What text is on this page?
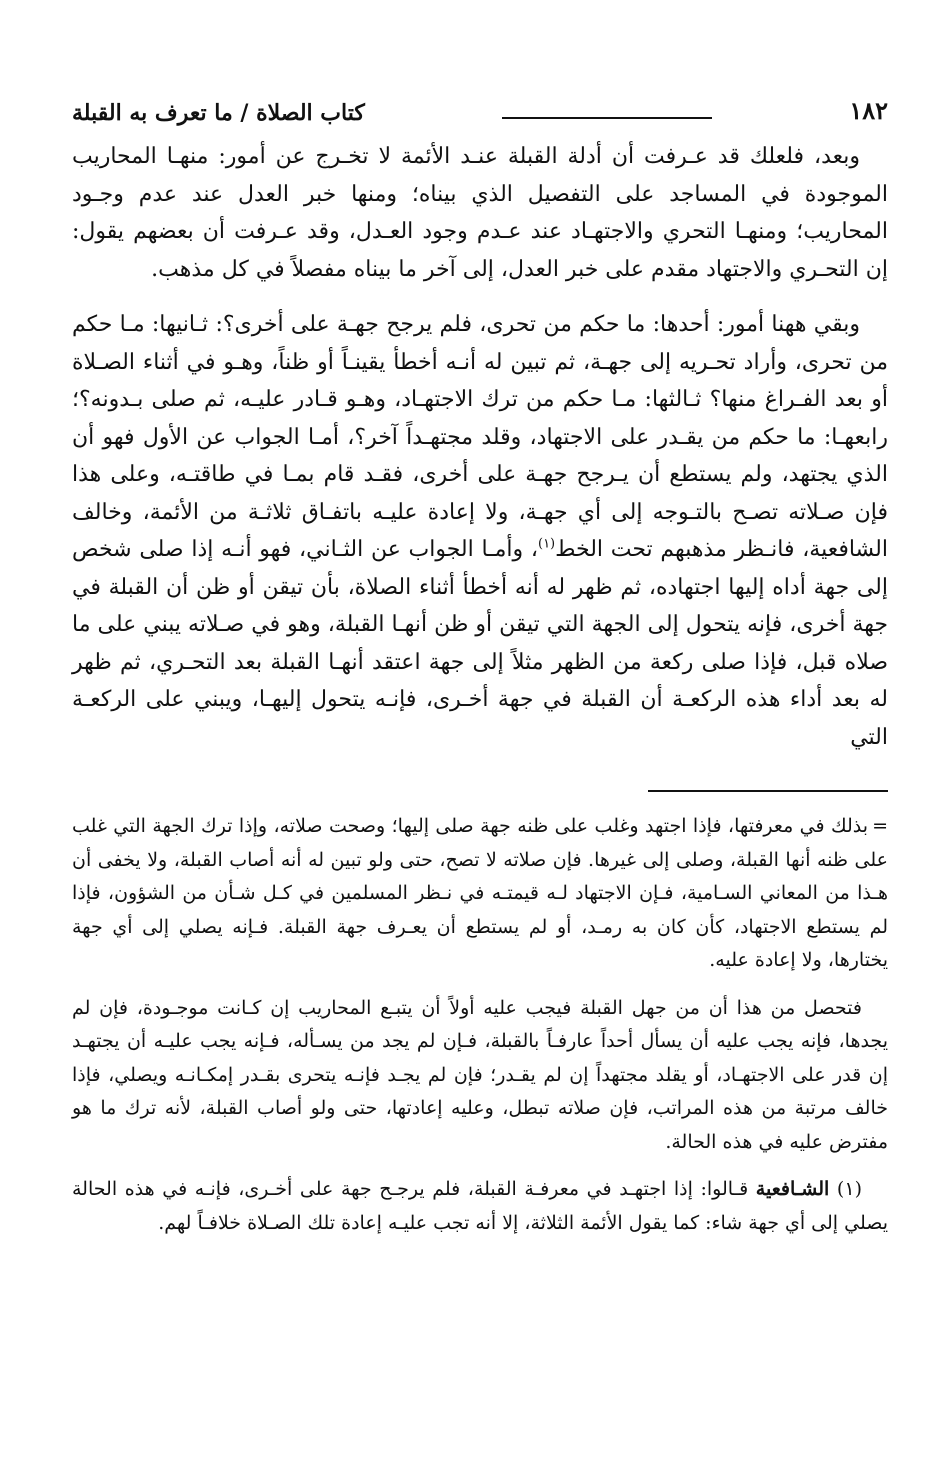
١٨٢
كتاب الصلاة / ما تعرف به القبلة

وبعد، فلعلك قد عـرفت أن أدلة القبلة عنـد الأئمة لا تخـرج عن أمور: منهـا المحاريب الموجودة في المساجد على التفصيل الذي بيناه؛ ومنها خبر العدل عند عدم وجـود المحاريب؛ ومنهـا التحري والاجتهـاد عند عـدم وجود العـدل، وقد عـرفت أن بعضهم يقول: إن التحـري والاجتهاد مقدم على خبر العدل، إلى آخر ما بيناه مفصلاً في كل مذهب.

وبقي ههنا أمور: أحدها: ما حكم من تحرى، فلم يرجح جهـة على أخرى؟: ثـانيها: مـا حكم من تحرى، وأراد تحـريه إلى جهـة، ثم تبين له أنـه أخطأ يقينـاً أو ظناً، وهـو في أثناء الصـلاة أو بعد الفـراغ منها؟ ثـالثها: مـا حكم من ترك الاجتهـاد، وهـو قـادر عليـه، ثم صلى بـدونه؟؛ رابعهـا: ما حكم من يقـدر على الاجتهاد، وقلد مجتهـداً آخر؟، أمـا الجواب عن الأول فهو أن الذي يجتهد، ولم يستطع أن يـرجح جهـة على أخرى، فقـد قام بمـا في طاقتـه، وعلى هذا فإن صـلاته تصـح بالتـوجه إلى أي جهـة، ولا إعادة عليـه باتفـاق ثلاثـة من الأئمة، وخالف الشافعية، فانـظر مذهبهم تحت الخط$^{(١)}$، وأمـا الجواب عن الثـاني، فهو أنـه إذا صلى شخص إلى جهة أداه إليها اجتهاده، ثم ظهر له أنه أخطأ أثناء الصلاة، بأن تيقن أو ظن أن القبلة في جهة أخرى، فإنه يتحول إلى الجهة التي تيقن أو ظن أنهـا القبلة، وهو في صـلاته يبني على ما صلاه قبل، فإذا صلى ركعة من الظهر مثلاً إلى جهة اعتقد أنهـا القبلة بعد التحـري، ثم ظهر له بعد أداء هذه الركعـة أن القبلة في جهة أخـرى، فإنـه يتحول إليهـا، ويبني على الركعـة التي

=بذلك في معرفتها، فإذا اجتهد وغلب على ظنه جهة صلى إليها؛ وصحت صلاته، وإذا ترك الجهة التي غلب على ظنه أنها القبلة، وصلى إلى غيرها. فإن صلاته لا تصح، حتى ولو تبين له أنه أصاب القبلة، ولا يخفى أن هـذا من المعاني السـامية، فـإن الاجتهاد لـه قيمتـه في نـظر المسلمين في كـل شـأن من الشؤون، فإذا لم يستطع الاجتهاد، كأن كان به رمـد، أو لم يستطع أن يعـرف جهة القبلة. فـإنه يصلي إلى أي جهة يختارها، ولا إعادة عليه.

فتحصل من هذا أن من جهل القبلة فيجب عليه أولاً أن يتبـع المحاريب إن كـانت موجـودة، فإن لم يجدها، فإنه يجب عليه أن يسأل أحداً عارفـاً بالقبلة، فـإن لم يجد من يسـأله، فـإنه يجب عليـه أن يجتهـد إن قدر على الاجتهـاد، أو يقلد مجتهداً إن لم يقـدر؛ فإن لم يجـد فإنـه يتحرى بقـدر إمكـانـه ويصلي، فإذا خالف مرتبة من هذه المراتب، فإن صلاته تبطل، وعليه إعادتها، حتى ولو أصاب القبلة، لأنه ترك ما هو مفترض عليه في هذه الحالة.

(١) الشـافعية قـالوا: إذا اجتهـد في معرفـة القبلة، فلم يرجـح جهة على أخـرى، فإنـه في هذه الحالة يصلي إلى أي جهة شاء: كما يقول الأئمة الثلاثة، إلا أنه تجب عليـه إعادة تلك الصـلاة خلافـاً لهم.
